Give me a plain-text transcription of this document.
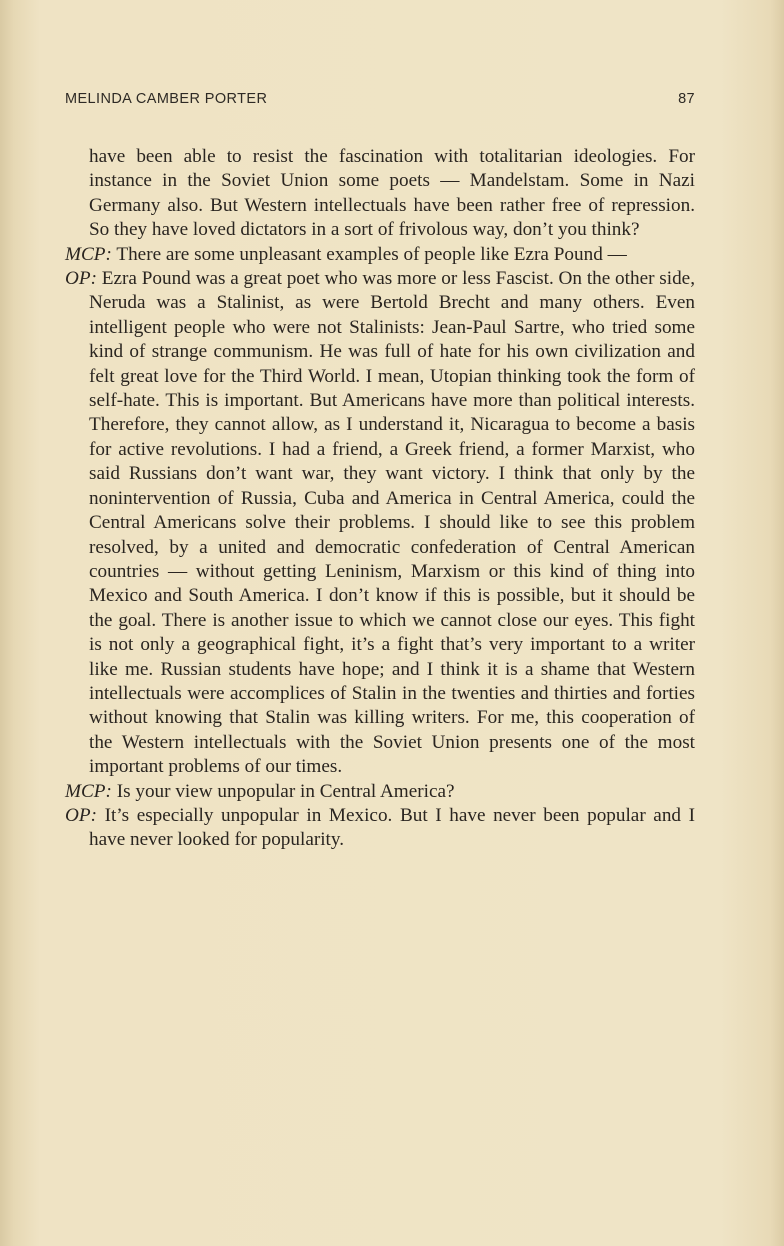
MELINDA CAMBER PORTER	87

have been able to resist the fascination with totalitarian ideologies. For instance in the Soviet Union some poets — Mandelstam. Some in Nazi Germany also. But Western intellectuals have been rather free of repression. So they have loved dictators in a sort of frivolous way, don’t you think?

MCP: There are some unpleasant examples of people like Ezra Pound —

OP: Ezra Pound was a great poet who was more or less Fascist. On the other side, Neruda was a Stalinist, as were Bertold Brecht and many others. Even intelligent people who were not Stalinists: Jean-Paul Sartre, who tried some kind of strange communism. He was full of hate for his own civilization and felt great love for the Third World. I mean, Utopian thinking took the form of self-hate. This is important. But Americans have more than political interests. Therefore, they cannot allow, as I understand it, Nicaragua to become a basis for active revolutions. I had a friend, a Greek friend, a former Marxist, who said Russians don’t want war, they want victory. I think that only by the nonintervention of Russia, Cuba and America in Central America, could the Central Americans solve their problems. I should like to see this problem resolved, by a united and democratic confederation of Central American countries — without getting Leninism, Marxism or this kind of thing into Mexico and South America. I don’t know if this is possible, but it should be the goal. There is another issue to which we cannot close our eyes. This fight is not only a geographical fight, it’s a fight that’s very important to a writer like me. Russian students have hope; and I think it is a shame that Western intellectuals were accomplices of Stalin in the twenties and thirties and forties without knowing that Stalin was killing writers. For me, this cooperation of the Western intellectuals with the Soviet Union presents one of the most important problems of our times.

MCP: Is your view unpopular in Central America?

OP: It’s especially unpopular in Mexico. But I have never been popular and I have never looked for popularity.
